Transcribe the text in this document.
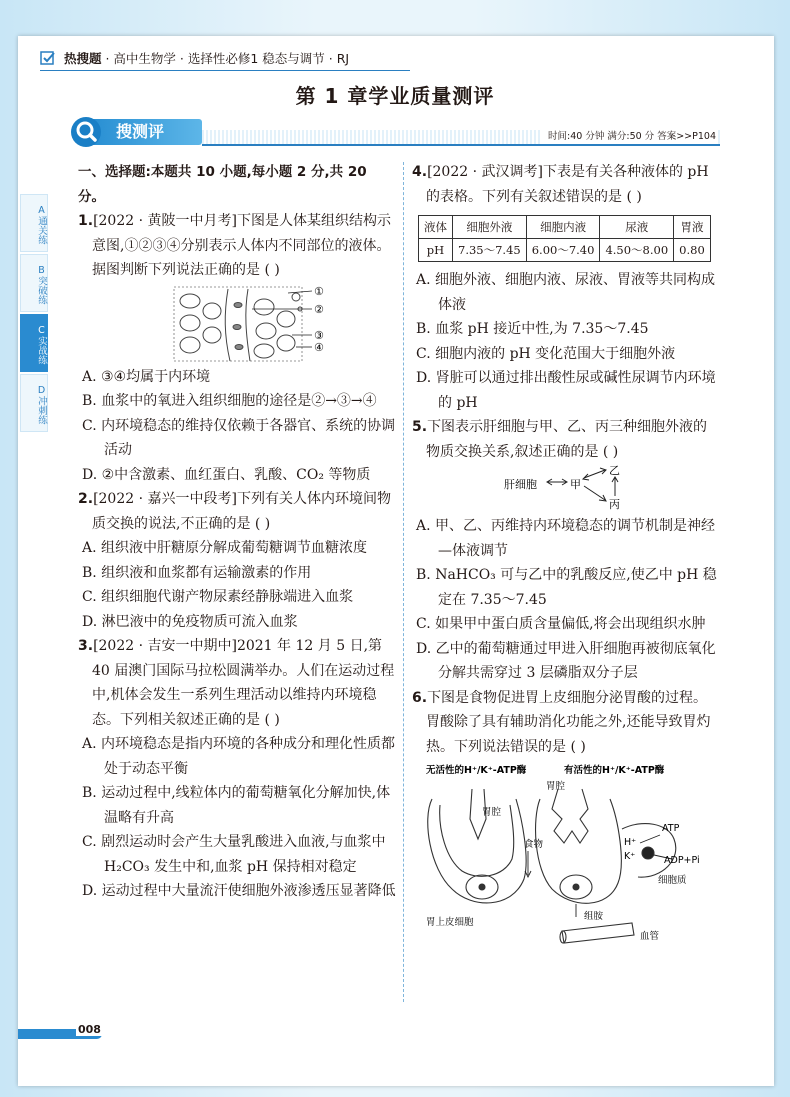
热搜题 · 高中生物学 · 选择性必修1 稳态与调节 · RJ
第 1 章学业质量测评
搜测评	时间:40 分钟 满分:50 分 答案>>P104
A通关练
B突破练
C实战练
D冲刺练

一、选择题:本题共 10 小题,每小题 2 分,共 20 分。

1.[2022 · 黄陂一中月考]下图是人体某组织结构示意图,①②③④分别表示人体内不同部位的液体。据图判断下列说法正确的是 ( )

①
②
③
④

A. ③④均属于内环境

B. 血浆中的氧进入组织细胞的途径是②→③→④

C. 内环境稳态的维持仅依赖于各器官、系统的协调活动

D. ②中含激素、血红蛋白、乳酸、CO₂ 等物质

2.[2022 · 嘉兴一中段考]下列有关人体内环境间物质交换的说法,不正确的是 ( )

A. 组织液中肝糖原分解成葡萄糖调节血糖浓度

B. 组织液和血浆都有运输激素的作用

C. 组织细胞代谢产物尿素经静脉端进入血浆

D. 淋巴液中的免疫物质可流入血浆

3.[2022 · 吉安一中期中]2021 年 12 月 5 日,第 40 届澳门国际马拉松圆满举办。人们在运动过程中,机体会发生一系列生理活动以维持内环境稳态。下列相关叙述正确的是 ( )

A. 内环境稳态是指内环境的各种成分和理化性质都处于动态平衡

B. 运动过程中,线粒体内的葡萄糖氧化分解加快,体温略有升高

C. 剧烈运动时会产生大量乳酸进入血液,与血浆中 H₂CO₃ 发生中和,血浆 pH 保持相对稳定

D. 运动过程中大量流汗使细胞外液渗透压显著降低

4.[2022 · 武汉调考]下表是有关各种液体的 pH 的表格。下列有关叙述错误的是 ( )

液体	细胞外液	细胞内液	尿液	胃液
pH	7.35～7.45	6.00～7.40	4.50～8.00	0.80

A. 细胞外液、细胞内液、尿液、胃液等共同构成体液

B. 血浆 pH 接近中性,为 7.35～7.45

C. 细胞内液的 pH 变化范围大于细胞外液

D. 肾脏可以通过排出酸性尿或碱性尿调节内环境的 pH

5.下图表示肝细胞与甲、乙、丙三种细胞外液的物质交换关系,叙述正确的是 ( )

肝细胞	甲
乙
丙

A. 甲、乙、丙维持内环境稳态的调节机制是神经—体液调节

B. NaHCO₃ 可与乙中的乳酸反应,使乙中 pH 稳定在 7.35～7.45

C. 如果甲中蛋白质含量偏低,将会出现组织水肿

D. 乙中的葡萄糖通过甲进入肝细胞再被彻底氧化分解共需穿过 3 层磷脂双分子层

6.下图是食物促进胃上皮细胞分泌胃酸的过程。胃酸除了具有辅助消化功能之外,还能导致胃灼热。下列说法错误的是 ( )

无活性的H⁺/K⁺-ATP酶	有活性的H⁺/K⁺-ATP酶
胃腔
胃腔
食物
胃上皮细胞
组胺
血管
ATP
ADP+Pi
细胞质
H⁺
K⁺
008
